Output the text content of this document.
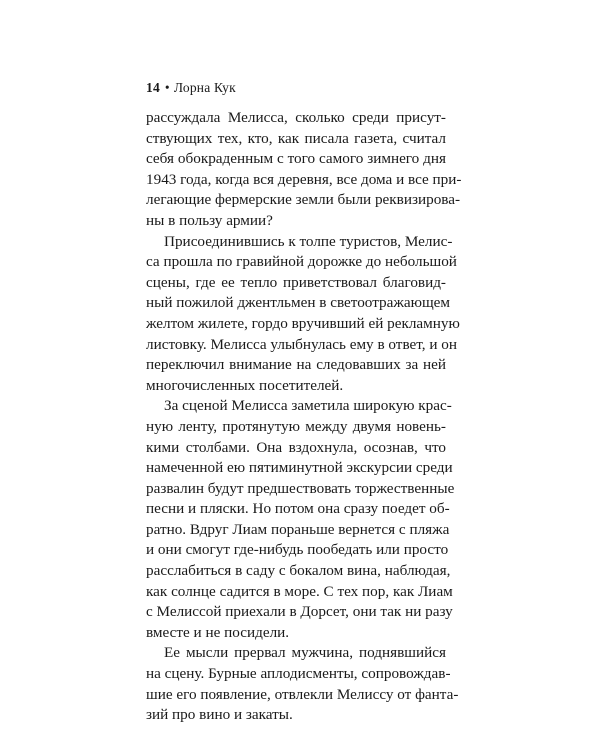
14 • Лорна Кук
рассуждала Мелисса, сколько среди присут-
ствующих тех, кто, как писала газета, считал
себя обокраденным с того самого зимнего дня
1943 года, когда вся деревня, все дома и все при-
легающие фермерские земли были реквизирова-
ны в пользу армии?
Присоединившись к толпе туристов, Мелис-
са прошла по гравийной дорожке до небольшой
сцены, где ее тепло приветствовал благовид-
ный пожилой джентльмен в светоотражающем
желтом жилете, гордо вручивший ей рекламную
листовку. Мелисса улыбнулась ему в ответ, и он
переключил внимание на следовавших за ней
многочисленных посетителей.
За сценой Мелисса заметила широкую крас-
ную ленту, протянутую между двумя новень-
кими столбами. Она вздохнула, осознав, что
намеченной ею пятиминутной экскурсии среди
развалин будут предшествовать торжественные
песни и пляски. Но потом она сразу поедет об-
ратно. Вдруг Лиам пораньше вернется с пляжа
и они смогут где-нибудь пообедать или просто
расслабиться в саду с бокалом вина, наблюдая,
как солнце садится в море. С тех пор, как Лиам
с Мелиссой приехали в Дорсет, они так ни разу
вместе и не посидели.
Ее мысли прервал мужчина, поднявшийся
на сцену. Бурные аплодисменты, сопровождав-
шие его появление, отвлекли Мелиссу от фанта-
зий про вино и закаты.
